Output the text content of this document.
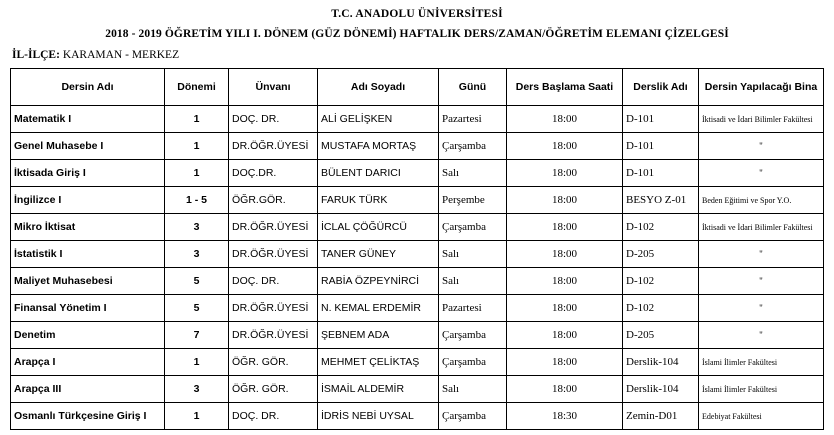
T.C. ANADOLU ÜNİVERSİTESİ
2018 - 2019 ÖĞRETİM YILI I. DÖNEM (GÜZ DÖNEMİ) HAFTALIK DERS/ZAMAN/ÖĞRETİM ELEMANI ÇİZELGESİ
İL-İLÇE: KARAMAN - MERKEZ
Dersin Adı	Dönemi	Ünvanı	Adı Soyadı	Günü	Ders Başlama Saati	Derslik Adı	Dersin Yapılacağı Bina
Matematik I	1	DOÇ. DR.	ALİ GELİŞKEN	Pazartesi	18:00	D-101	İktisadi ve İdari Bilimler Fakültesi
Genel Muhasebe I	1	DR.ÖĞR.ÜYESİ	MUSTAFA MORTAŞ	Çarşamba	18:00	D-101	"
İktisada Giriş I	1	DOÇ.DR.	BÜLENT DARICI	Salı	18:00	D-101	"
İngilizce I	1 - 5	ÖĞR.GÖR.	FARUK TÜRK	Perşembe	18:00	BESYO Z-01	Beden Eğitimi ve Spor Y.O.
Mikro İktisat	3	DR.ÖĞR.ÜYESİ	İCLAL ÇÖĞÜRCÜ	Çarşamba	18:00	D-102	İktisadi ve İdari Bilimler Fakültesi
İstatistik I	3	DR.ÖĞR.ÜYESİ	TANER GÜNEY	Salı	18:00	D-205	"
Maliyet Muhasebesi	5	DOÇ. DR.	RABİA ÖZPEYNİRCİ	Salı	18:00	D-102	"
Finansal Yönetim I	5	DR.ÖĞR.ÜYESİ	N. KEMAL ERDEMİR	Pazartesi	18:00	D-102	"
Denetim	7	DR.ÖĞR.ÜYESİ	ŞEBNEM ADA	Çarşamba	18:00	D-205	"
Arapça I	1	ÖĞR. GÖR.	MEHMET ÇELİKTAŞ	Çarşamba	18:00	Derslik-104	İslami İlimler Fakültesi
Arapça III	3	ÖĞR. GÖR.	İSMAİL ALDEMİR	Salı	18:00	Derslik-104	İslami İlimler Fakültesi
Osmanlı Türkçesine Giriş I	1	DOÇ. DR.	İDRİS NEBİ UYSAL	Çarşamba	18:30	Zemin-D01	Edebiyat Fakültesi
